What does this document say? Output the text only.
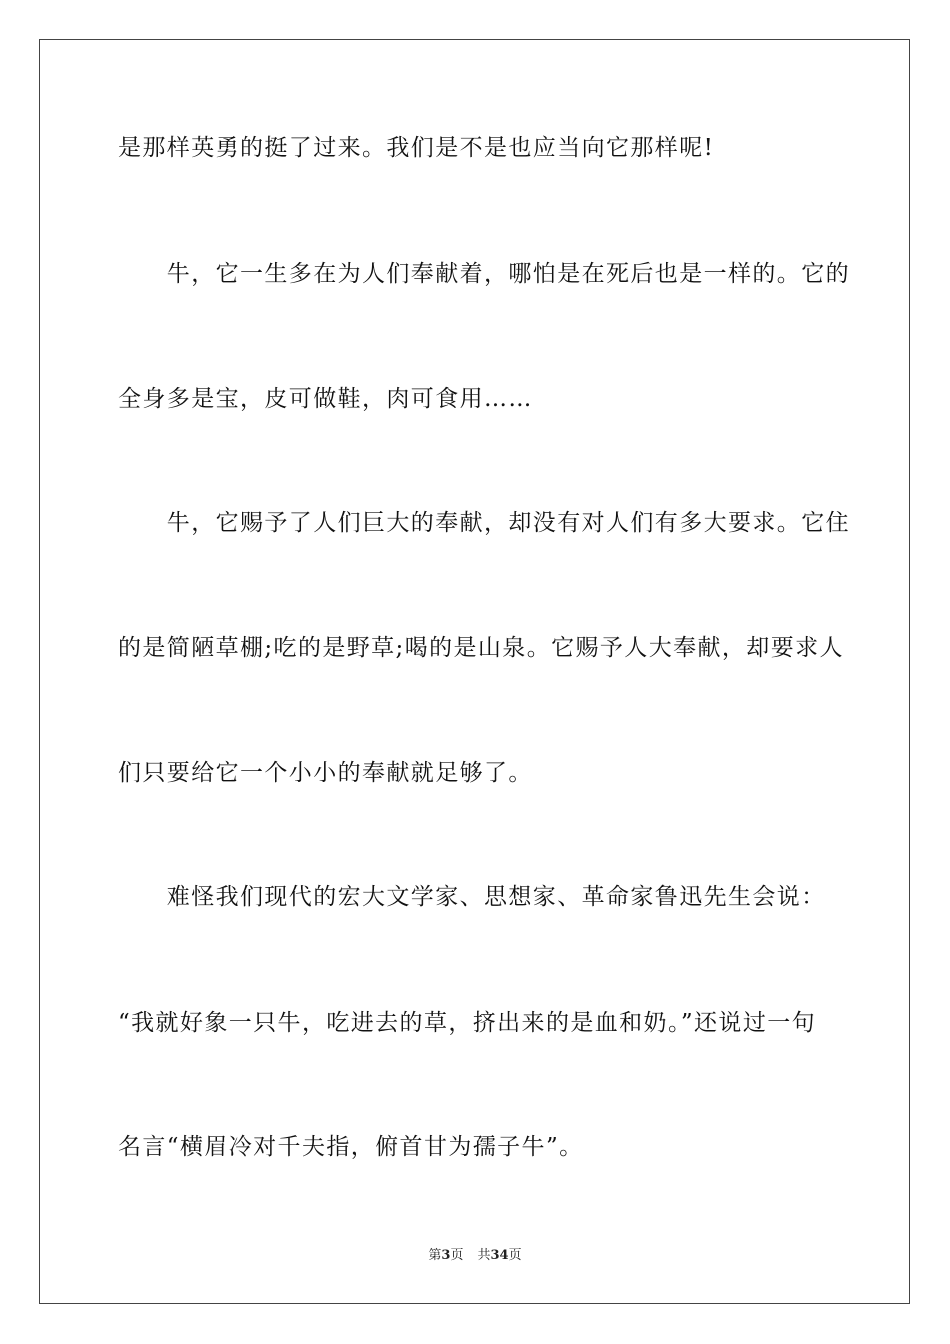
是那样英勇的挺了过来。我们是不是也应当向它那样呢!
　　牛，它一生多在为人们奉献着，哪怕是在死后也是一样的。它的
全身多是宝，皮可做鞋，肉可食用……
　　牛，它赐予了人们巨大的奉献，却没有对人们有多大要求。它住
的是简陋草棚;吃的是野草;喝的是山泉。它赐予人大奉献，却要求人
们只要给它一个小小的奉献就足够了。
　　难怪我们现代的宏大文学家、思想家、革命家鲁迅先生会说：
“我就好象一只牛，吃进去的草，挤出来的是血和奶。”还说过一句
名言“横眉冷对千夫指，俯首甘为孺子牛”。
第3页 共34页
